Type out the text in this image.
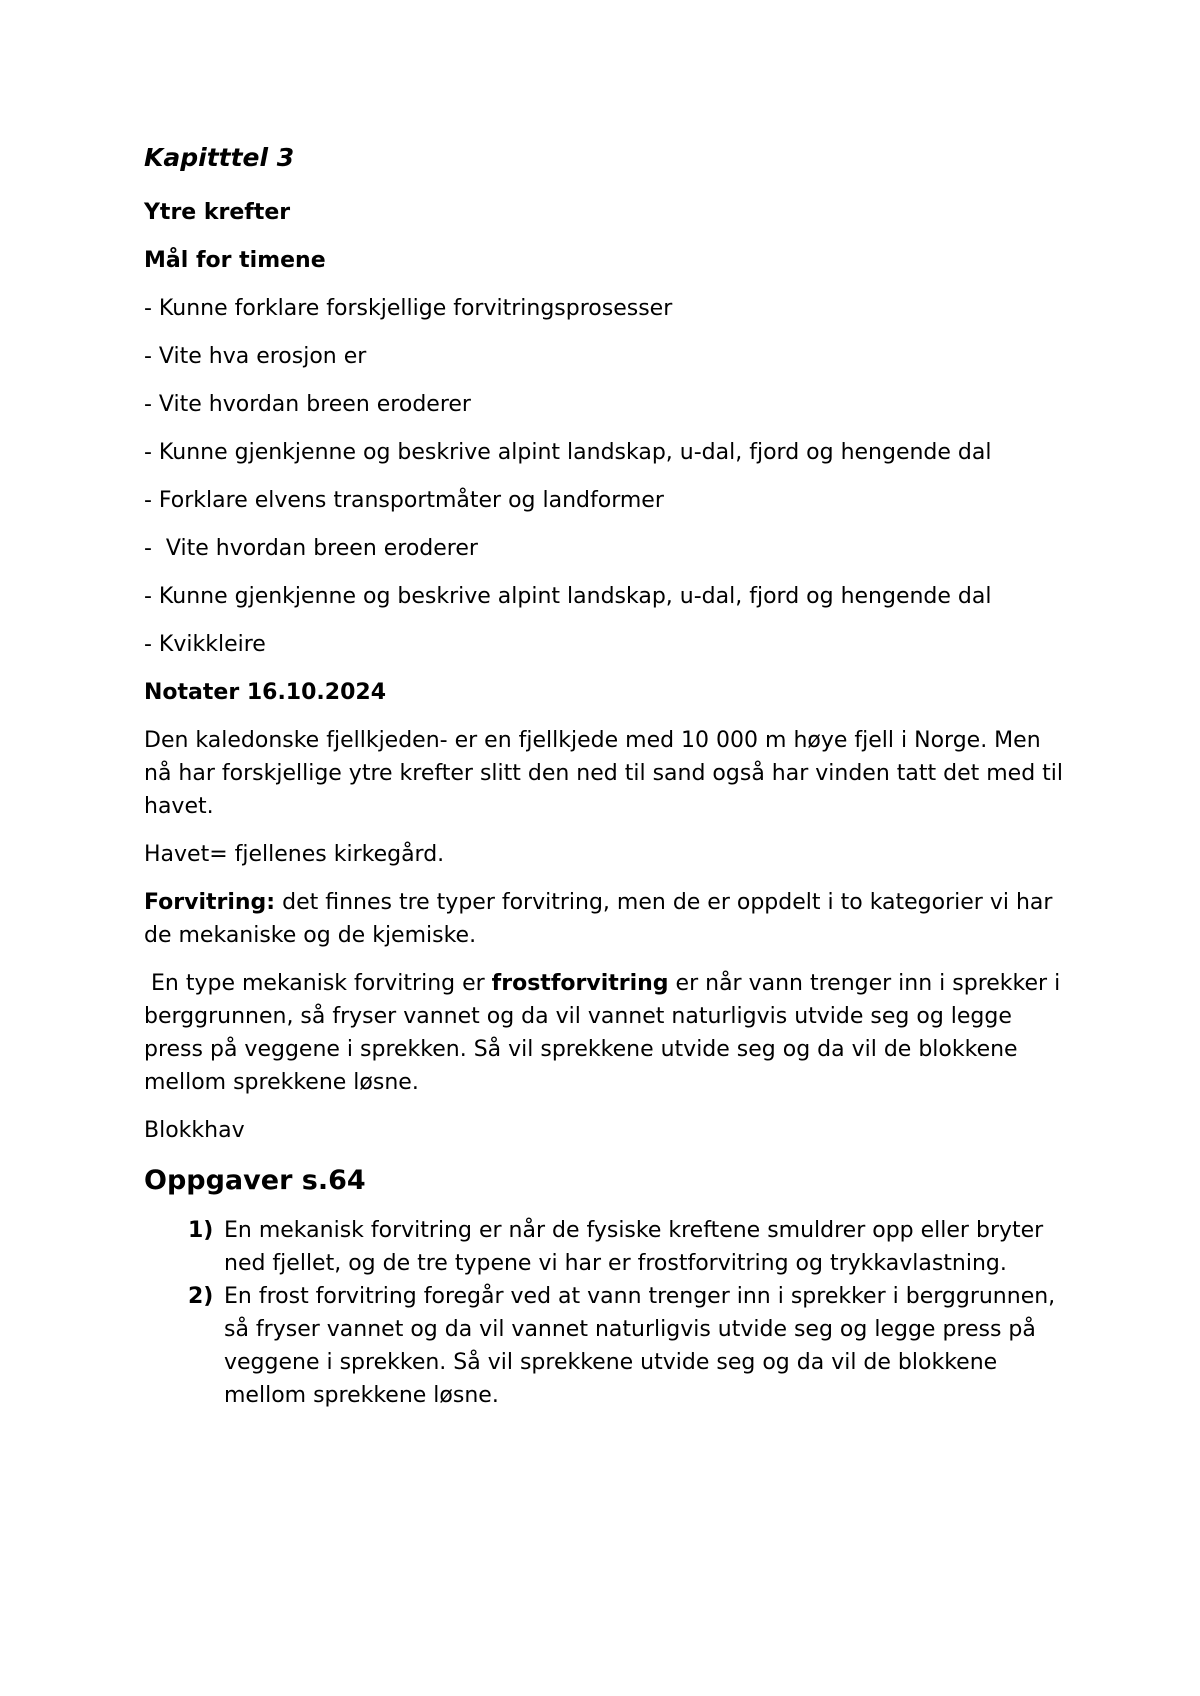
Kapitttel 3
Ytre krefter
Mål for timene
- Kunne forklare forskjellige forvitringsprosesser
- Vite hva erosjon er
- Vite hvordan breen eroderer
- Kunne gjenkjenne og beskrive alpint landskap, u-dal, fjord og hengende dal
- Forklare elvens transportmåter og landformer
-  Vite hvordan breen eroderer
- Kunne gjenkjenne og beskrive alpint landskap, u-dal, fjord og hengende dal
- Kvikkleire
Notater 16.10.2024
Den kaledonske fjellkjeden- er en fjellkjede med 10 000 m høye fjell i Norge. Men nå har forskjellige ytre krefter slitt den ned til sand også har vinden tatt det med til havet.
Havet= fjellenes kirkegård.
Forvitring: det finnes tre typer forvitring, men de er oppdelt i to kategorier vi har de mekaniske og de kjemiske.
En type mekanisk forvitring er frostforvitring er når vann trenger inn i sprekker i berggrunnen, så fryser vannet og da vil vannet naturligvis utvide seg og legge press på veggene i sprekken. Så vil sprekkene utvide seg og da vil de blokkene mellom sprekkene løsne.
Blokkhav
Oppgaver s.64
1) En mekanisk forvitring er når de fysiske kreftene smuldrer opp eller bryter ned fjellet, og de tre typene vi har er frostforvitring og trykkavlastning.
2) En frost forvitring foregår ved at vann trenger inn i sprekker i berggrunnen, så fryser vannet og da vil vannet naturligvis utvide seg og legge press på veggene i sprekken. Så vil sprekkene utvide seg og da vil de blokkene mellom sprekkene løsne.
